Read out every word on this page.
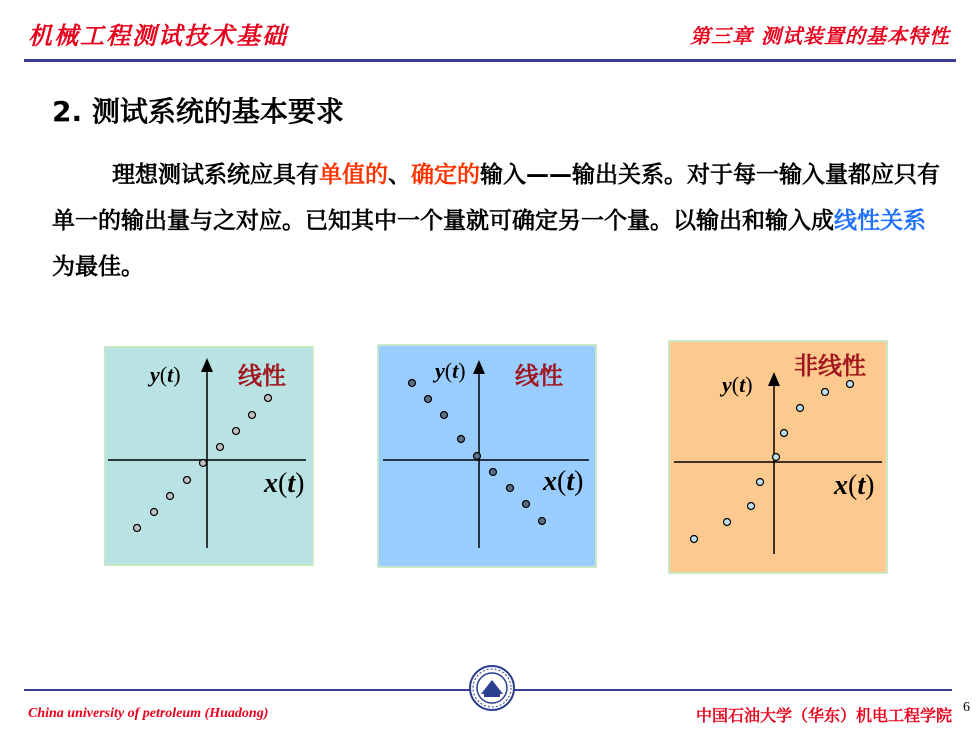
机械工程测试技术基础	第三章 测试装置的基本特性
2. 测试系统的基本要求
理想测试系统应具有单值的、确定的输入——输出关系。对于每一输入量都应只有单一的输出量与之对应。已知其中一个量就可确定另一个量。以输出和输入成线性关系为最佳。
y(t) 线性
x(t)
y(t) 线性
x(t)
y(t)
非线性
x(t)
China university of petroleum (Huadong)	中国石油大学（华东）机电工程学院 6
